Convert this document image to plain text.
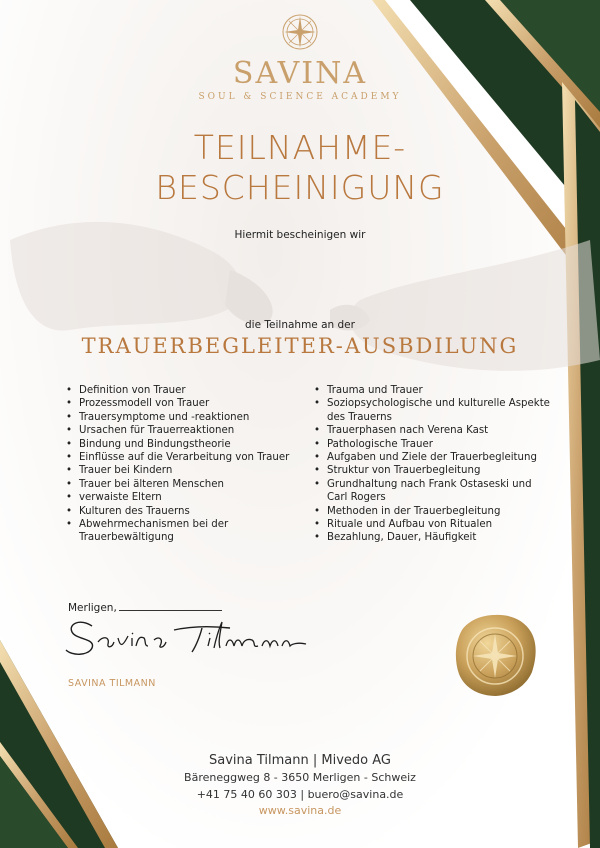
SAVINA
SOUL & SCIENCE ACADEMY
TEILNAHME-
BESCHEINIGUNG
Hiermit bescheinigen wir
die Teilnahme an der
TRAUERBEGLEITER-AUSBDILUNG
• Definition von Trauer
• Prozessmodell von Trauer
• Trauersymptome und -reaktionen
• Ursachen für Trauerreaktionen
• Bindung und Bindungstheorie
• Einflüsse auf die Verarbeitung von Trauer
• Trauer bei Kindern
• Trauer bei älteren Menschen
• verwaiste Eltern
• Kulturen des Trauerns
• Abwehrmechanismen bei der Trauerbewältigung
• Trauma und Trauer
• Soziopsychologische und kulturelle Aspekte des Trauerns
• Trauerphasen nach Verena Kast
• Pathologische Trauer
• Aufgaben und Ziele der Trauerbegleitung
• Struktur von Trauerbegleitung
• Grundhaltung nach Frank Ostaseski und Carl Rogers
• Methoden in der Trauerbegleitung
• Rituale und Aufbau von Ritualen
• Bezahlung, Dauer, Häufigkeit
Merligen,
SAVINA TILMANN
Savina Tilmann | Mivedo AG
Bäreneggweg 8 - 3650 Merligen - Schweiz
+41 75 40 60 303 | buero@savina.de
www.savina.de
